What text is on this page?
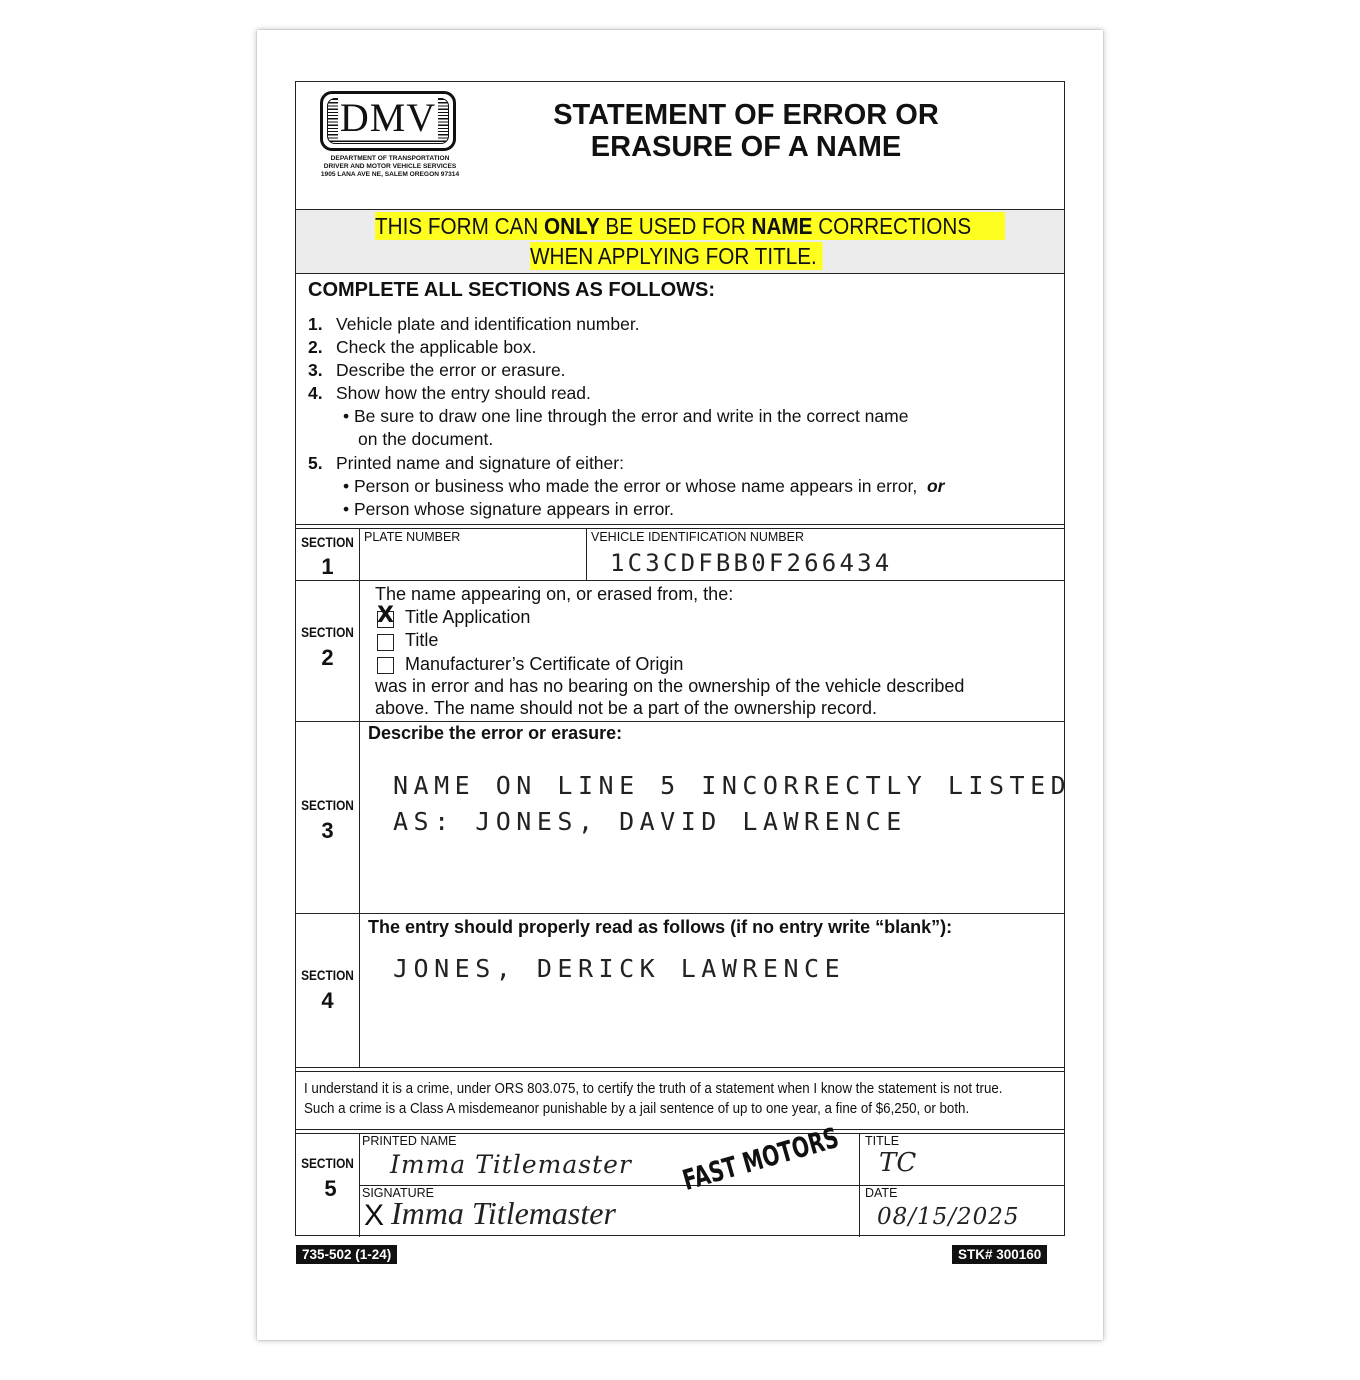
DMV
DEPARTMENT OF TRANSPORTATION
DRIVER AND MOTOR VEHICLE SERVICES
1905 LANA AVE NE, SALEM OREGON 97314
STATEMENT OF ERROR OR
ERASURE OF A NAME
THIS FORM CAN ONLY BE USED FOR NAME CORRECTIONS
WHEN APPLYING FOR TITLE.
COMPLETE ALL SECTIONS AS FOLLOWS:
1. Vehicle plate and identification number.
2. Check the applicable box.
3. Describe the error or erasure.
4. Show how the entry should read.
• Be sure to draw one line through the error and write in the correct name
on the document.
5. Printed name and signature of either:
• Person or business who made the error or whose name appears in error, or
• Person whose signature appears in error.
SECTION
1
PLATE NUMBER	VEHICLE IDENTIFICATION NUMBER
1C3CDFBB0F266434
SECTION
2
The name appearing on, or erased from, the:
X Title Application
Title
Manufacturer’s Certificate of Origin
was in error and has no bearing on the ownership of the vehicle described
above. The name should not be a part of the ownership record.
SECTION
3
Describe the error or erasure:
NAME ON LINE 5 INCORRECTLY LISTED
AS: JONES, DAVID LAWRENCE
SECTION
4
The entry should properly read as follows (if no entry write “blank”):
JONES, DERICK LAWRENCE
I understand it is a crime, under ORS 803.075, to certify the truth of a statement when I know the statement is not true.
Such a crime is a Class A misdemeanor punishable by a jail sentence of up to one year, a fine of $6,250, or both.
SECTION
5
PRINTED NAME
Imma Titlemaster
TITLE
TC
SIGNATURE
X Imma Titlemaster
DATE
08/15/2025
FAST MOTORS
735-502 (1-24)	STK# 300160
